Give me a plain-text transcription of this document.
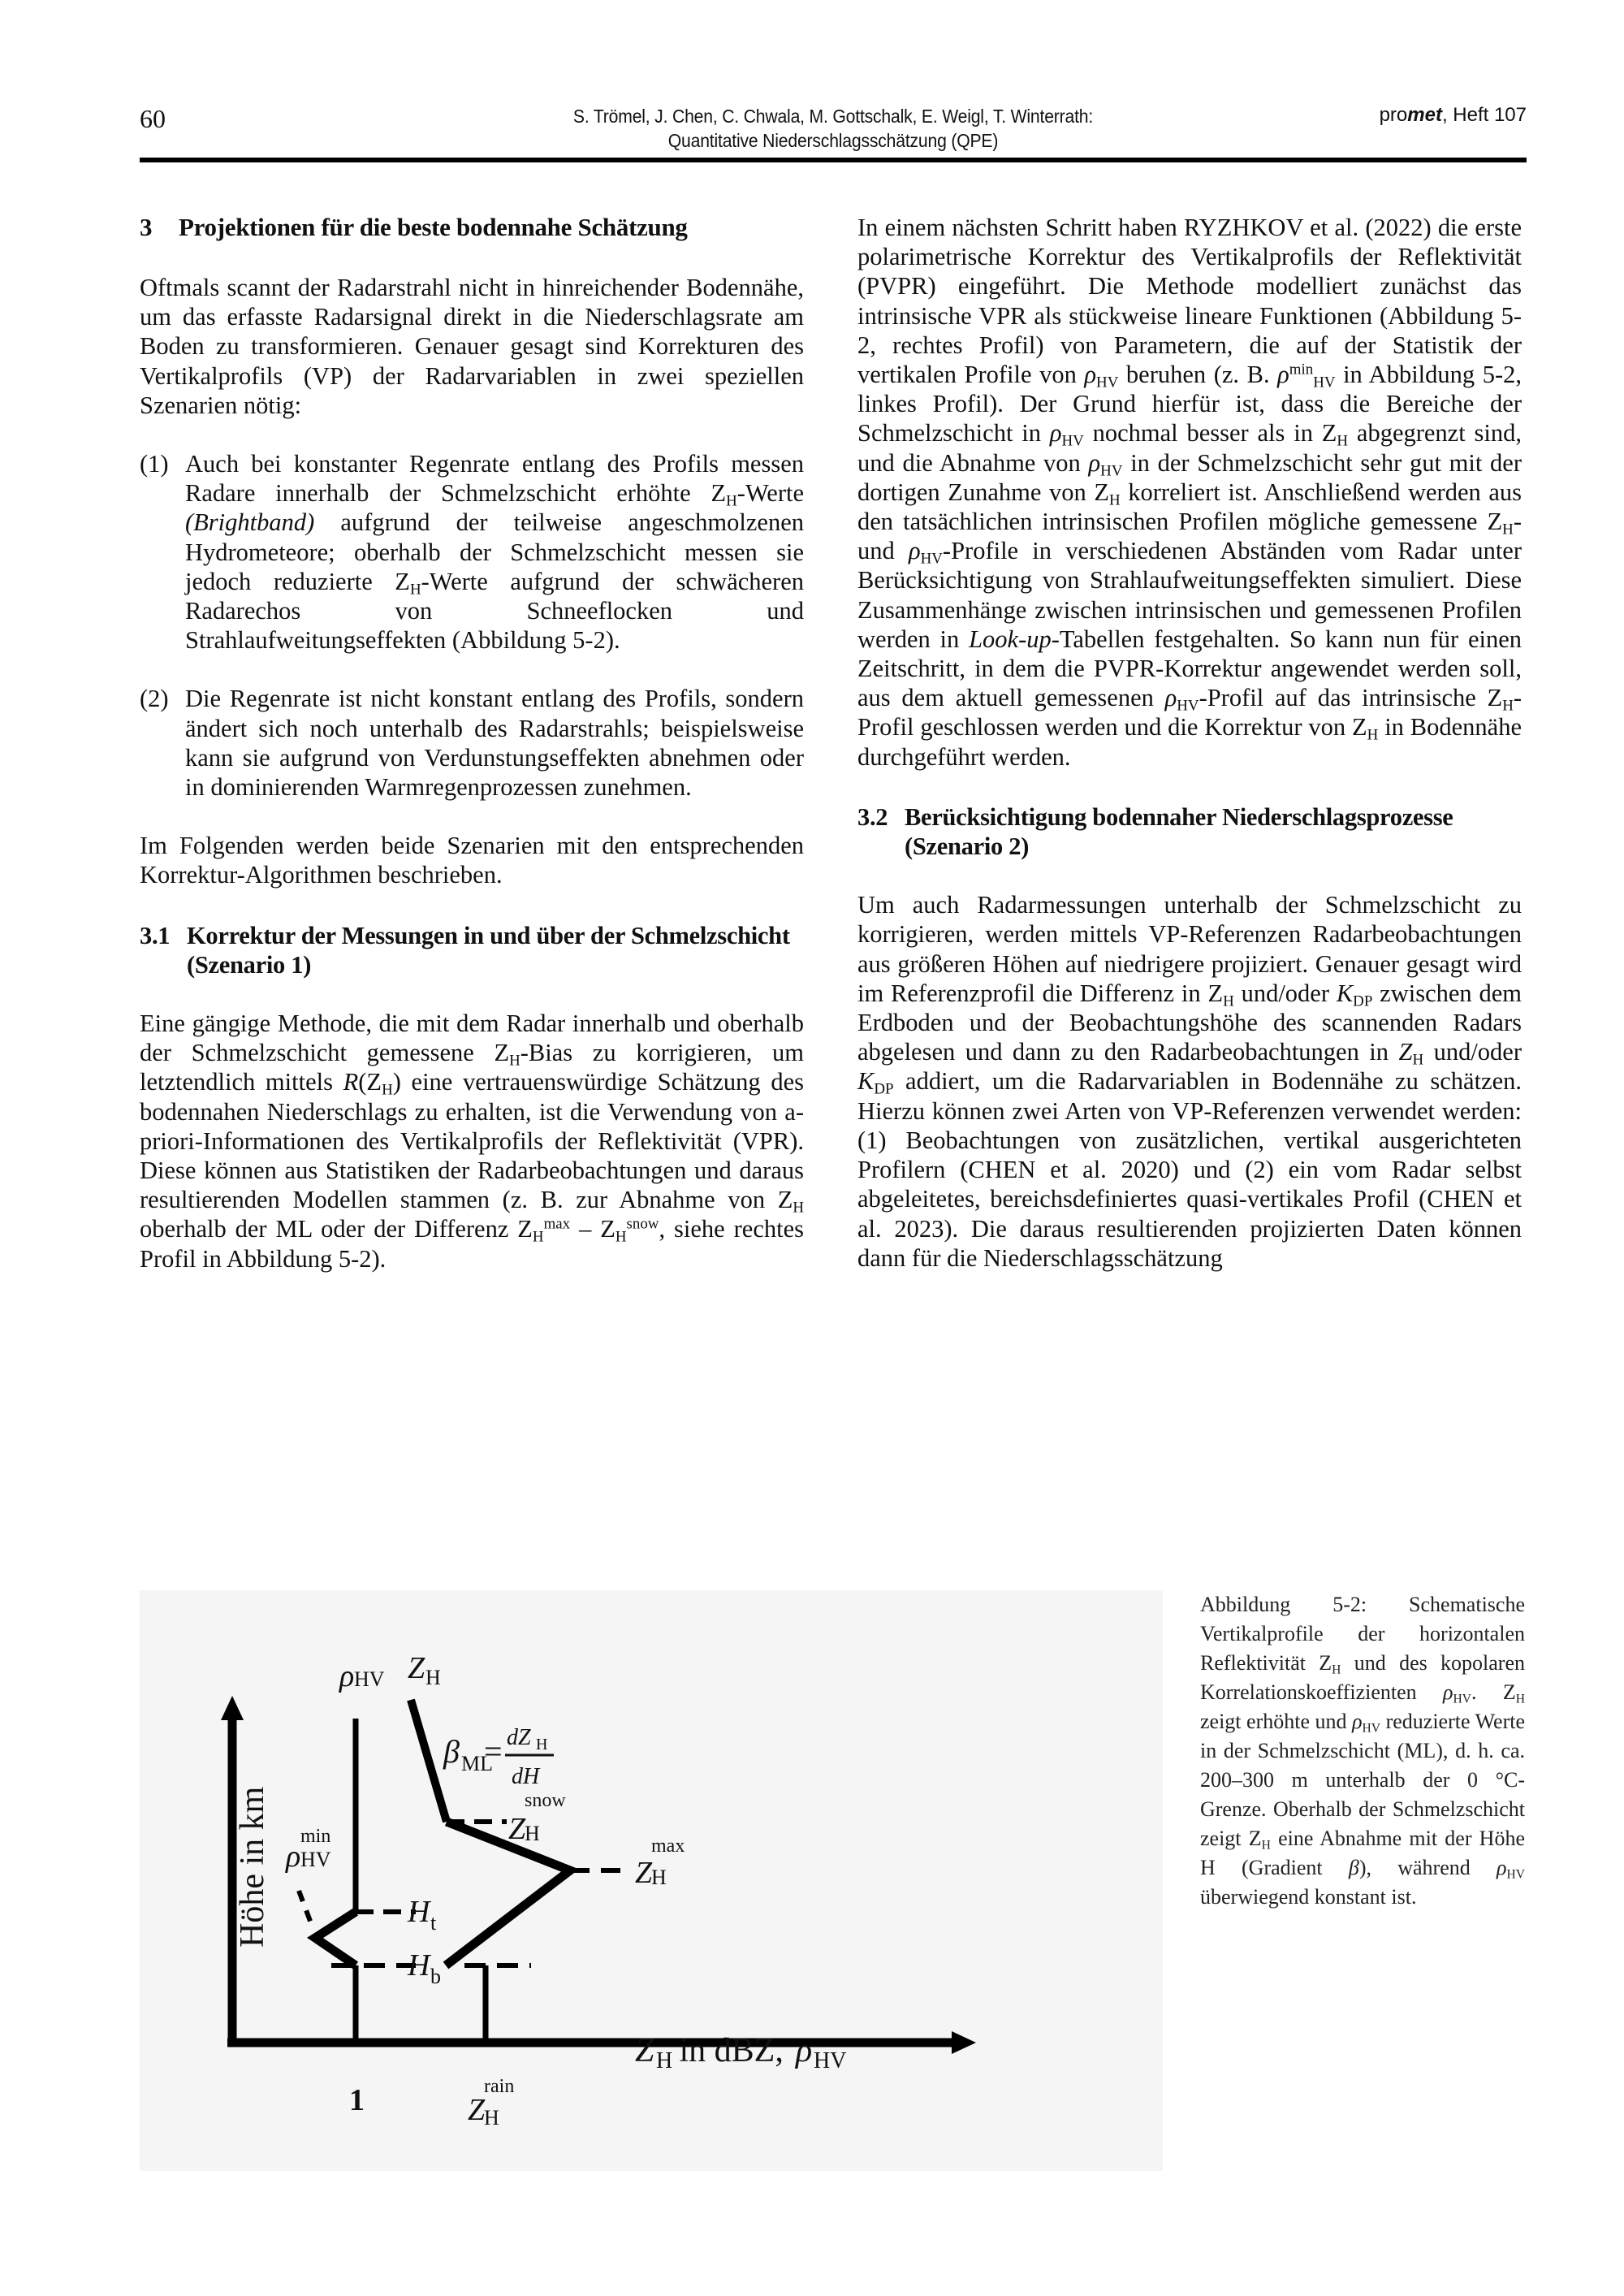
60	S. Trömel, J. Chen, C. Chwala, M. Gottschalk, E. Weigl, T. Winterrath:
Quantitative Niederschlagsschätzung (QPE)
promet, Heft 107
3 Projektionen für die beste bodennahe Schätzung

Oftmals scannt der Radarstrahl nicht in hinreichender Bodennähe, um das erfasste Radarsignal direkt in die Niederschlagsrate am Boden zu transformieren. Genauer gesagt sind Korrekturen des Vertikalprofils (VP) der Radarvariablen in zwei speziellen Szenarien nötig:

(1) Auch bei konstanter Regenrate entlang des Profils messen Radare innerhalb der Schmelzschicht erhöhte $Z_H$-Werte (Brightband) aufgrund der teilweise angeschmolzenen Hydrometeore; oberhalb der Schmelzschicht messen sie jedoch reduzierte $Z_H$-Werte aufgrund der schwächeren Radarechos von Schneeflocken und Strahlaufweitungseffekten (Abbildung 5-2).
(2) Die Regenrate ist nicht konstant entlang des Profils, sondern ändert sich noch unterhalb des Radarstrahls; beispielsweise kann sie aufgrund von Verdunstungseffekten abnehmen oder in dominierenden Warmregenprozessen zunehmen.

Im Folgenden werden beide Szenarien mit den entsprechenden Korrektur-Algorithmen beschrieben.

3.1 Korrektur der Messungen in und über der Schmelzschicht (Szenario 1)

Eine gängige Methode, die mit dem Radar innerhalb und oberhalb der Schmelzschicht gemessene $Z_H$-Bias zu korrigieren, um letztendlich mittels $R(Z_H)$ eine vertrauenswürdige Schätzung des bodennahen Niederschlags zu erhalten, ist die Verwendung von a-priori-Informationen des Vertikalprofils der Reflektivität (VPR). Diese können aus Statistiken der Radarbeobachtungen und daraus resultierenden Modellen stammen (z. B. zur Abnahme von $Z_H$ oberhalb der ML oder der Differenz $Z_H^{max} - Z_H^{snow}$, siehe rechtes Profil in Abbildung 5-2).

In einem nächsten Schritt haben RYZHKOV et al. (2022) die erste polarimetrische Korrektur des Vertikalprofils der Reflektivität (PVPR) eingeführt. Die Methode modelliert zunächst das intrinsische VPR als stückweise lineare Funktionen (Abbildung 5-2, rechtes Profil) von Parametern, die auf der Statistik der vertikalen Profile von $\rho_{HV}$ beruhen (z. B. $\rho^{min}_{HV}$ in Abbildung 5-2, linkes Profil). Der Grund hierfür ist, dass die Bereiche der Schmelzschicht in $\rho_{HV}$ nochmal besser als in $Z_H$ abgegrenzt sind, und die Abnahme von $\rho_{HV}$ in der Schmelzschicht sehr gut mit der dortigen Zunahme von $Z_H$ korreliert ist. Anschließend werden aus den tatsächlichen intrinsischen Profilen mögliche gemessene $Z_H-$ und $\rho_{HV}$-Profile in verschiedenen Abständen vom Radar unter Berücksichtigung von Strahlaufweitungseffekten simuliert. Diese Zusammenhänge zwischen intrinsischen und gemessenen Profilen werden in Look-up-Tabellen festgehalten. So kann nun für einen Zeitschritt, in dem die PVPR-Korrektur angewendet werden soll, aus dem aktuell gemessenen $\rho_{HV}$-Profil auf das intrinsische $Z_H$-Profil geschlossen werden und die Korrektur von $Z_H$ in Bodennähe durchgeführt werden.

3.2 Berücksichtigung bodennaher Niederschlagsprozesse (Szenario 2)

Um auch Radarmessungen unterhalb der Schmelzschicht zu korrigieren, werden mittels VP-Referenzen Radarbeobachtungen aus größeren Höhen auf niedrigere projiziert. Genauer gesagt wird im Referenzprofil die Differenz in $Z_H$ und/oder $K_{DP}$ zwischen dem Erdboden und der Beobachtungshöhe des scannenden Radars abgelesen und dann zu den Radarbeobachtungen in $Z_H$ und/oder $K_{DP}$ addiert, um die Radarvariablen in Bodennähe zu schätzen. Hierzu können zwei Arten von VP-Referenzen verwendet werden: (1) Beobachtungen von zusätzlichen, vertikal ausgerichteten Profilern (CHEN et al. 2020) und (2) ein vom Radar selbst abgeleitetes, bereichsdefiniertes quasi-vertikales Profil (CHEN et al. 2023). Die daraus resultierenden projizierten Daten können dann für die Niederschlagsschätzung

Höhe in km
ρ HV Z H
ρ
min
HV
β ML
= dZ H
dH
Z
snow
H
Z
max
H
H t
H b
1	Z
rain
H
Z H
in dBZ, ρ HV
Abbildung 5-2: Schematische Vertikalprofile der horizontalen Reflektivität $Z_H$ und des kopolaren Korrelationskoeffizienten $\rho_{HV}$. $Z_H$ zeigt erhöhte und $\rho_{HV}$ reduzierte Werte in der Schmelzschicht (ML), d. h. ca. 200–300 m unterhalb der 0 °C-Grenze. Oberhalb der Schmelzschicht zeigt $Z_H$ eine Abnahme mit der Höhe H (Gradient β), während $\rho_{HV}$ überwiegend konstant ist.
